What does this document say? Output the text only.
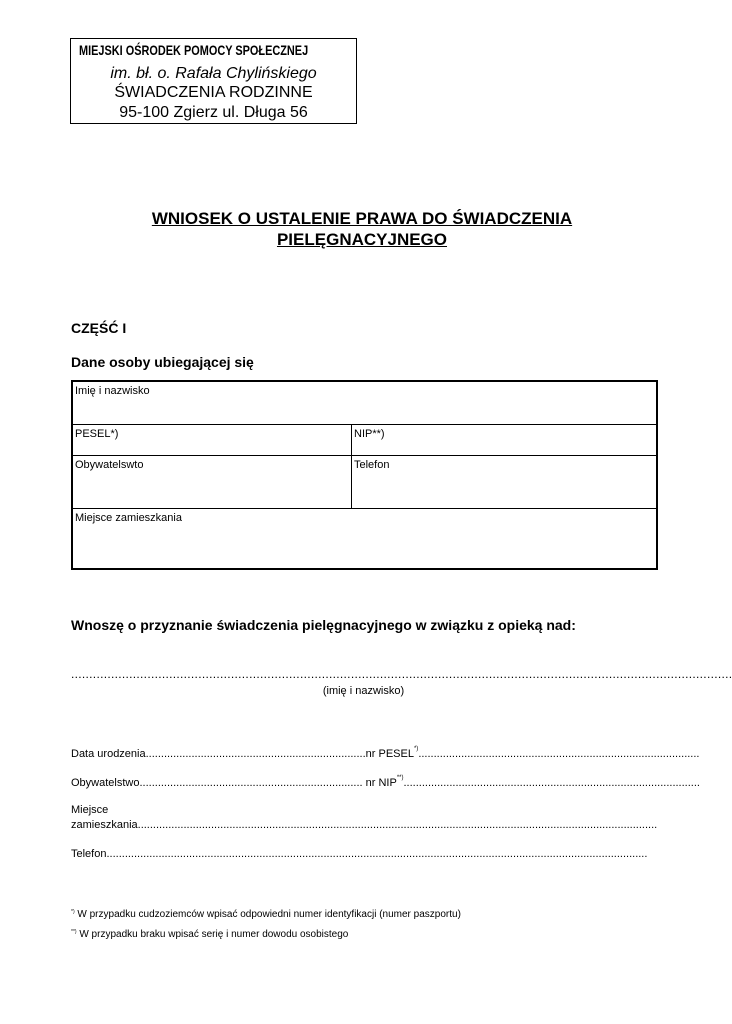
MIEJSKI OŚRODEK POMOCY SPOŁECZNEJ
im. bł. o. Rafała Chylińskiego
ŚWIADCZENIA RODZINNE
95-100 Zgierz ul. Długa 56
WNIOSEK O USTALENIE PRAWA DO ŚWIADCZENIA
PIELĘGNACYJNEGO
CZĘŚĆ I
Dane osoby ubiegającej się
Imię i nazwisko
PESEL*)	NIP**)
Obywatelswto	Telefon
Miejsce zamieszkania
Wnoszę o przyznanie świadczenia pielęgnacyjnego w związku z opieką nad:
......................................................................................................................................................................................
(imię i nazwisko)
Data urodzenia........................................................................nr PESEL*)............................................................................................
Obywatelstwo......................................................................... nr NIP**).................................................................................................
Miejsce
zamieszkania..........................................................................................................................................................................
Telefon.................................................................................................................................................................................
*) W przypadku cudzoziemców wpisać odpowiedni numer identyfikacji (numer paszportu)
**) W przypadku braku wpisać serię i numer dowodu osobistego
